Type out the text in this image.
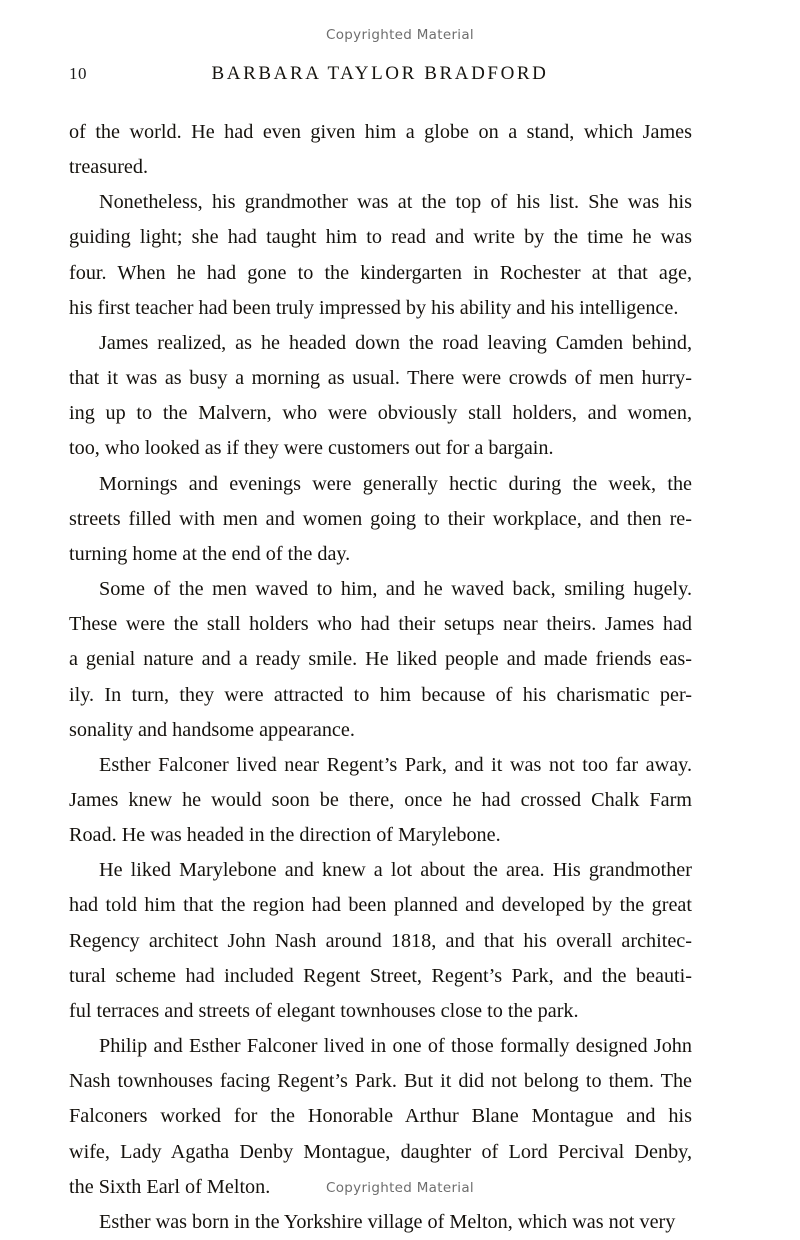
Copyrighted Material
10	BARBARA TAYLOR BRADFORD

of the world. He had even given him a globe on a stand, which James
treasured.

Nonetheless, his grandmother was at the top of his list. She was his
guiding light; she had taught him to read and write by the time he was
four. When he had gone to the kindergarten in Rochester at that age,
his first teacher had been truly impressed by his ability and his intelligence.

James realized, as he headed down the road leaving Camden behind,
that it was as busy a morning as usual. There were crowds of men hurry-
ing up to the Malvern, who were obviously stall holders, and women,
too, who looked as if they were customers out for a bargain.

Mornings and evenings were generally hectic during the week, the
streets filled with men and women going to their workplace, and then re-
turning home at the end of the day.

Some of the men waved to him, and he waved back, smiling hugely.
These were the stall holders who had their setups near theirs. James had
a genial nature and a ready smile. He liked people and made friends eas-
ily. In turn, they were attracted to him because of his charismatic per-
sonality and handsome appearance.

Esther Falconer lived near Regent’s Park, and it was not too far away.
James knew he would soon be there, once he had crossed Chalk Farm
Road. He was headed in the direction of Marylebone.

He liked Marylebone and knew a lot about the area. His grandmother
had told him that the region had been planned and developed by the great
Regency architect John Nash around 1818, and that his overall architec-
tural scheme had included Regent Street, Regent’s Park, and the beauti-
ful terraces and streets of elegant townhouses close to the park.

Philip and Esther Falconer lived in one of those formally designed John
Nash townhouses facing Regent’s Park. But it did not belong to them. The
Falconers worked for the Honorable Arthur Blane Montague and his
wife, Lady Agatha Denby Montague, daughter of Lord Percival Denby,
the Sixth Earl of Melton.

Esther was born in the Yorkshire village of Melton, which was not very

Copyrighted Material
